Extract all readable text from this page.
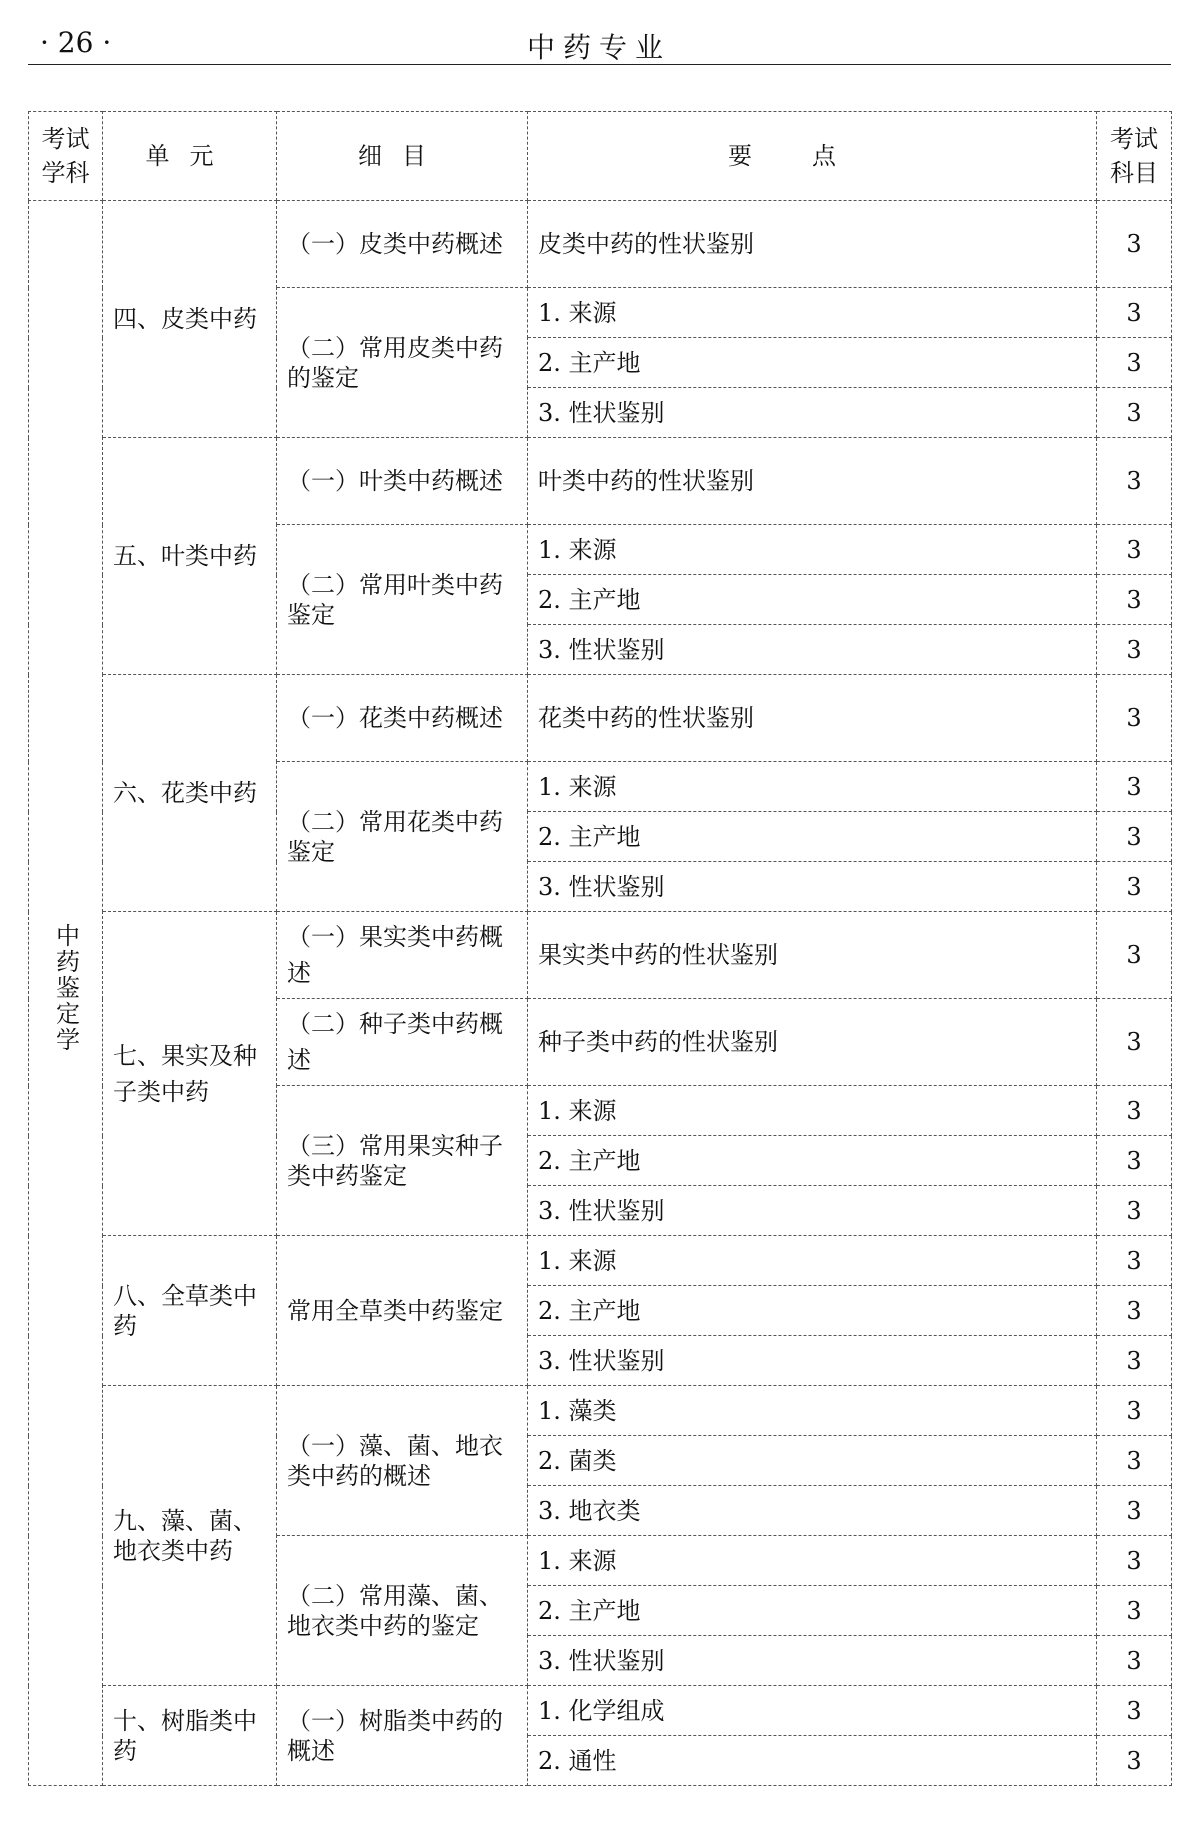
· 26 ·	中药专业
考试学科	单元	细目	要点	考试科目
中药鉴定学	四、皮类中药	（一）皮类中药概述	皮类中药的性状鉴别	3
		（二）常用皮类中药的鉴定	1. 来源	3
			2. 主产地	3
			3. 性状鉴别	3
	五、叶类中药	（一）叶类中药概述	叶类中药的性状鉴别	3
		（二）常用叶类中药鉴定	1. 来源	3
			2. 主产地	3
			3. 性状鉴别	3
	六、花类中药	（一）花类中药概述	花类中药的性状鉴别	3
		（二）常用花类中药鉴定	1. 来源	3
			2. 主产地	3
			3. 性状鉴别	3
	七、果实及种子类中药	（一）果实类中药概述	果实类中药的性状鉴别	3
		（二）种子类中药概述	种子类中药的性状鉴别	3
		（三）常用果实种子类中药鉴定	1. 来源	3
			2. 主产地	3
			3. 性状鉴别	3
	八、全草类中药	常用全草类中药鉴定	1. 来源	3
			2. 主产地	3
			3. 性状鉴别	3
	九、藻、菌、地衣类中药	（一）藻、菌、地衣类中药的概述	1. 藻类	3
			2. 菌类	3
			3. 地衣类	3
		（二）常用藻、菌、地衣类中药的鉴定	1. 来源	3
			2. 主产地	3
			3. 性状鉴别	3
	十、树脂类中药	（一）树脂类中药的概述	1. 化学组成	3
			2. 通性	3
